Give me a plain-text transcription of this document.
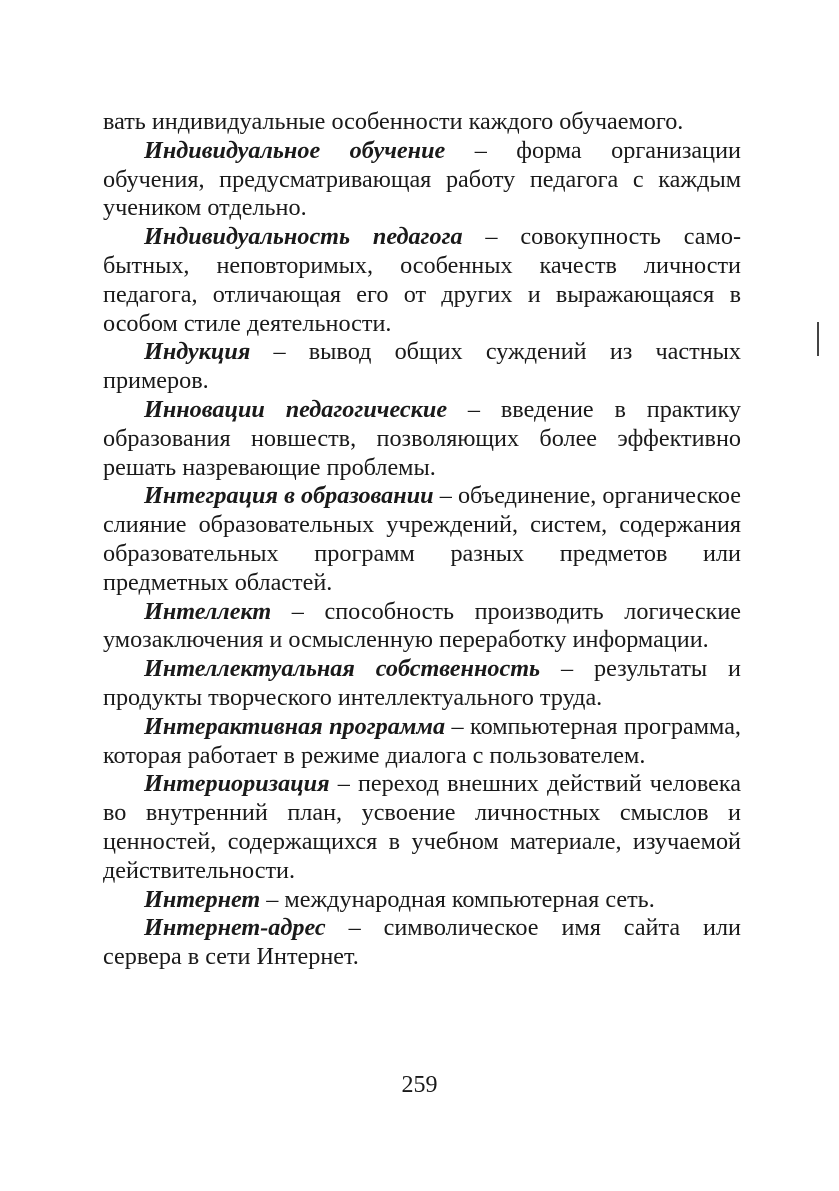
вать индивидуальные особенности каждого обучаемого.

Индивидуальное обучение – форма организации обучения, предусматривающая работу педагога с каждым учеником отдельно.

Индивидуальность педагога – совокупность самобытных, неповторимых, особенных качеств личности педагога, отличающая его от других и выражающаяся в особом стиле деятельности.

Индукция – вывод общих суждений из частных примеров.

Инновации педагогические – введение в практику образования новшеств, позволяющих более эффективно решать назревающие проблемы.

Интеграция в образовании – объединение, органическое слияние образовательных учреждений, систем, содержания образовательных программ разных предметов или предметных областей.

Интеллект – способность производить логические умозаключения и осмысленную переработку информации.

Интеллектуальная собственность – результаты и продукты творческого интеллектуального труда.

Интерактивная программа – компьютерная программа, которая работает в режиме диалога с пользователем.

Интериоризация – переход внешних действий человека во внутренний план, усвоение личностных смыслов и ценностей, содержащихся в учебном материале, изучаемой действительности.

Интернет – международная компьютерная сеть.

Интернет-адрес – символическое имя сайта или сервера в сети Интернет.

259
